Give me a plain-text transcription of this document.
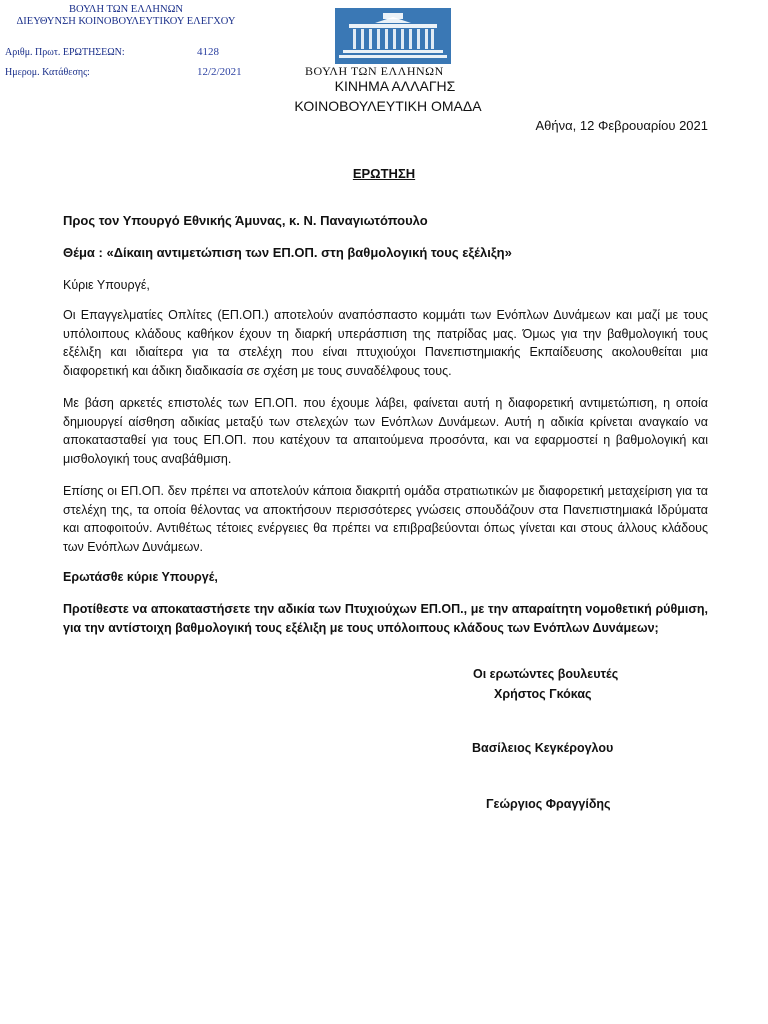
ΒΟΥΛΗ ΤΩΝ ΕΛΛΗΝΩΝ
ΔΙΕΥΘΥΝΣΗ ΚΟΙΝΟΒΟΥΛΕΥΤΙΚΟΥ ΕΛΕΓΧΟΥ
Αριθμ. Πρωτ. ΕΡΩΤΗΣΕΩΝ:	4128
Ημερομ. Κατάθεσης:	12/2/2021	ΒΟΥΛΗ ΤΩΝ ΕΛΛΗΝΩΝ
ΚΙΝΗΜΑ ΑΛΛΑΓΗΣ
ΚΟΙΝΟΒΟΥΛΕΥΤΙΚΗ ΟΜΑΔΑ
Αθήνα, 12 Φεβρουαρίου 2021
ΕΡΩΤΗΣΗ
Προς τον Υπουργό Εθνικής Άμυνας, κ. Ν. Παναγιωτόπουλο
Θέμα : «Δίκαιη αντιμετώπιση των ΕΠ.ΟΠ. στη βαθμολογική τους εξέλιξη»
Κύριε Υπουργέ,
Οι Επαγγελματίες Οπλίτες (ΕΠ.ΟΠ.) αποτελούν αναπόσπαστο κομμάτι των Ενόπλων Δυνάμεων και μαζί με τους υπόλοιπους κλάδους καθήκον έχουν τη διαρκή υπεράσπιση της πατρίδας μας. Όμως για την βαθμολογική τους εξέλιξη και ιδιαίτερα για τα στελέχη που είναι πτυχιούχοι Πανεπιστημιακής Εκπαίδευσης ακολουθείται μια διαφορετική και άδικη διαδικασία σε σχέση με τους συναδέλφους τους.
Με βάση αρκετές επιστολές των ΕΠ.ΟΠ. που έχουμε λάβει, φαίνεται αυτή η διαφορετική αντιμετώπιση, η οποία δημιουργεί αίσθηση αδικίας μεταξύ των στελεχών των Ενόπλων Δυνάμεων. Αυτή η αδικία κρίνεται αναγκαίο να αποκατασταθεί για τους ΕΠ.ΟΠ. που κατέχουν τα απαιτούμενα προσόντα, και να εφαρμοστεί η βαθμολογική και μισθολογική τους αναβάθμιση.
Επίσης οι ΕΠ.ΟΠ. δεν πρέπει να αποτελούν κάποια διακριτή ομάδα στρατιωτικών με διαφορετική μεταχείριση για τα στελέχη της, τα οποία θέλοντας να αποκτήσουν περισσότερες γνώσεις σπουδάζουν στα Πανεπιστημιακά Ιδρύματα και αποφοιτούν. Αντιθέτως τέτοιες ενέργειες θα πρέπει να επιβραβεύονται όπως γίνεται και στους άλλους κλάδους των Ενόπλων Δυνάμεων.
Ερωτάσθε κύριε Υπουργέ,
Προτίθεστε να αποκαταστήσετε την αδικία των Πτυχιούχων ΕΠ.ΟΠ., με την απαραίτητη νομοθετική ρύθμιση, για την αντίστοιχη βαθμολογική τους εξέλιξη με τους υπόλοιπους κλάδους των Ενόπλων Δυνάμεων;
Οι ερωτώντες βουλευτές
Χρήστος Γκόκας
Βασίλειος Κεγκέρογλου
Γεώργιος Φραγγίδης
